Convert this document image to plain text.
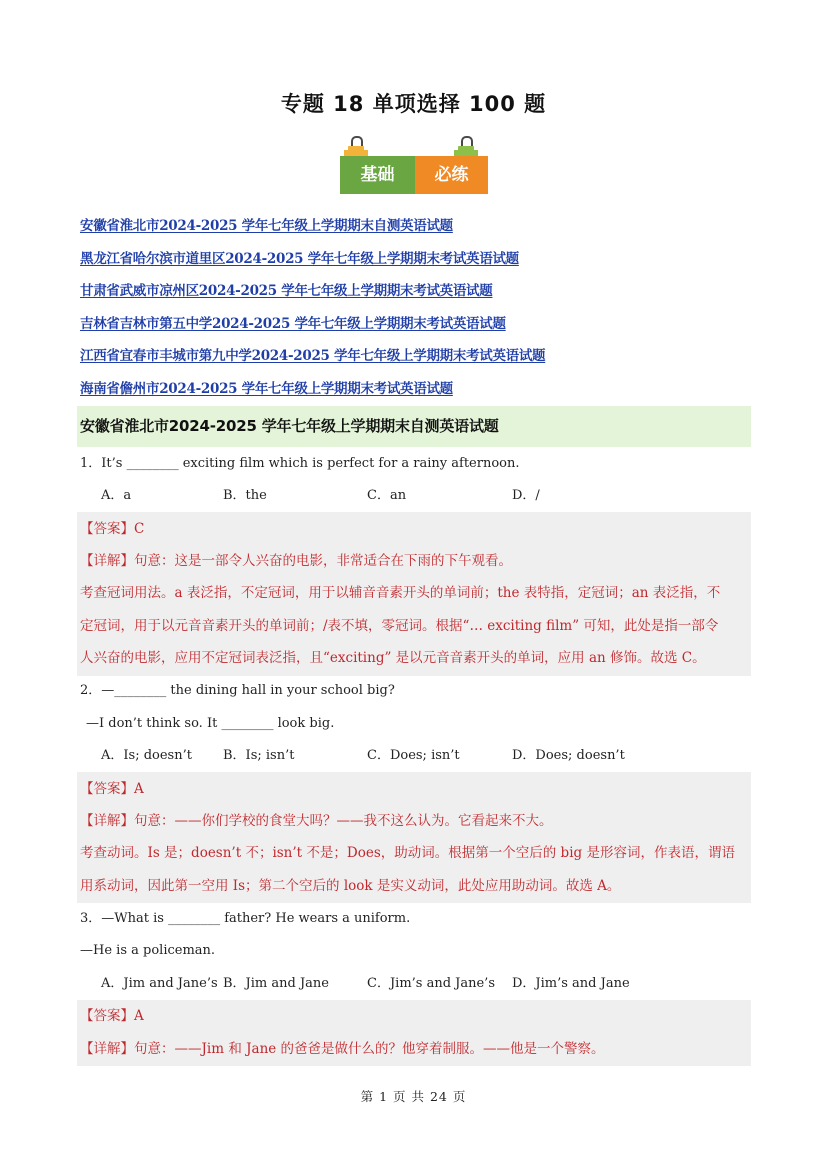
专题 18 单项选择 100 题
基础	必练
安徽省淮北市2024-2025 学年七年级上学期期末自测英语试题
黑龙江省哈尔滨市道里区2024-2025 学年七年级上学期期末考试英语试题
甘肃省武威市凉州区2024-2025 学年七年级上学期期末考试英语试题
吉林省吉林市第五中学2024-2025 学年七年级上学期期末考试英语试题
江西省宜春市丰城市第九中学2024-2025 学年七年级上学期期末考试英语试题
海南省儋州市2024-2025 学年七年级上学期期末考试英语试题
安徽省淮北市2024-2025 学年七年级上学期期末自测英语试题
1．It’s ________ exciting film which is perfect for a rainy afternoon.
A．a	B．the	C．an	D．/
【答案】C
【详解】句意：这是一部令人兴奋的电影，非常适合在下雨的下午观看。
考查冠词用法。a 表泛指，不定冠词，用于以辅音音素开头的单词前；the 表特指，定冠词；an 表泛指，不
定冠词，用于以元音音素开头的单词前；/表不填，零冠词。根据“… exciting film” 可知，此处是指一部令
人兴奋的电影，应用不定冠词表泛指，且“exciting” 是以元音音素开头的单词，应用 an 修饰。故选 C。
2．—________ the dining hall in your school big?
—I don’t think so. It ________ look big.
A．Is; doesn’t B．Is; isn’t	C．Does; isn’t	D．Does; doesn’t
【答案】A
【详解】句意：——你们学校的食堂大吗？——我不这么认为。它看起来不大。
考查动词。Is 是；doesn’t 不；isn’t 不是；Does，助动词。根据第一个空后的 big 是形容词，作表语，谓语
用系动词，因此第一空用 Is；第二个空后的 look 是实义动词，此处应用助动词。故选 A。
3．—What is ________ father? He wears a uniform.
—He is a policeman.
A．Jim and Jane’s B．Jim and Jane	C．Jim’s and Jane’s D．Jim’s and Jane
【答案】A
【详解】句意：——Jim 和 Jane 的爸爸是做什么的？他穿着制服。——他是一个警察。
第 1 页 共 24 页
